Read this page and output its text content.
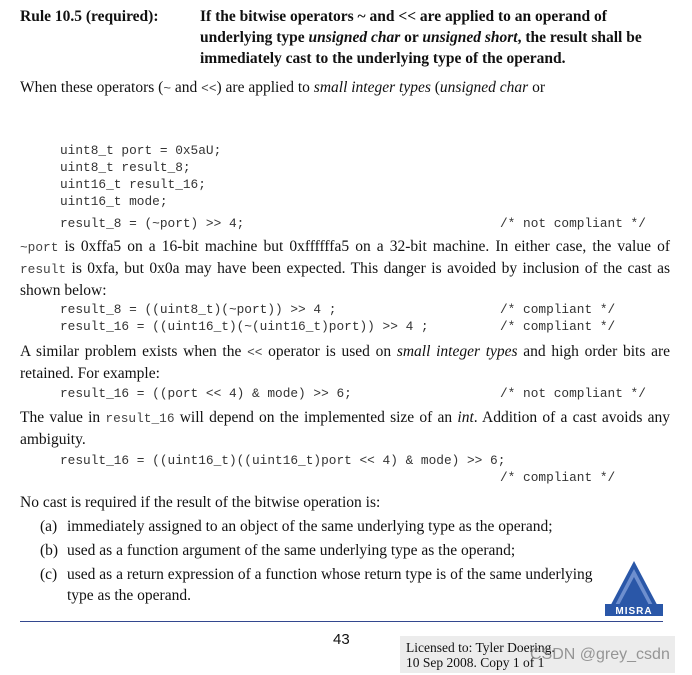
Rule 10.5 (required):	If the bitwise operators ~ and << are applied to an operand of underlying type unsigned char or unsigned short, the result shall be immediately cast to the underlying type of the operand.
When these operators (~ and <<) are applied to small integer types (unsigned char or
uint8_t port = 0x5aU;
uint8_t result_8;
uint16_t result_16;
uint16_t mode;
result_8 = (~port) >> 4;	/* not compliant */
~port is 0xffa5 on a 16-bit machine but 0xffffffa5 on a 32-bit machine. In either case, the value of result is 0xfa, but 0x0a may have been expected. This danger is avoided by inclusion of the cast as shown below:
result_8 = ((uint8_t)(~port)) >> 4 ;	/* compliant */
result_16 = ((uint16_t)(~(uint16_t)port)) >> 4 ;	/* compliant */
A similar problem exists when the << operator is used on small integer types and high order bits are retained. For example:
result_16 = ((port << 4) & mode) >> 6;	/* not compliant */
The value in result_16 will depend on the implemented size of an int. Addition of a cast avoids any ambiguity.
result_16 = ((uint16_t)((uint16_t)port << 4) & mode) >> 6;
/* compliant */
No cast is required if the result of the bitwise operation is:
(a) immediately assigned to an object of the same underlying type as the operand;
(b) used as a function argument of the same underlying type as the operand;
(c) used as a return expression of a function whose return type is of the same underlying type as the operand.
MISRA
43	Licensed to: Tyler Doering.
10 Sep 2008. Copy 1 of 1
CSDN @grey_csdn
